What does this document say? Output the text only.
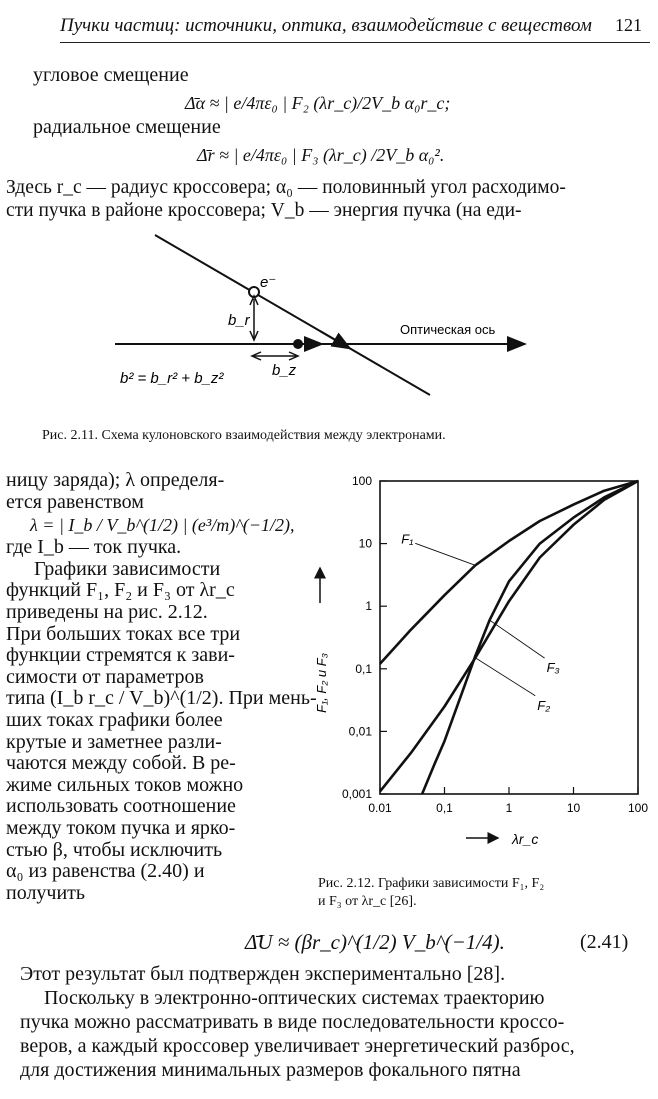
Пучки частиц: источники, оптика, взаимодействие с веществом 121
угловое смещение
Δ̄α ≈ | e/4πε₀ | F₂ (λr_c)/2V_b α₀r_c;
радиальное смещение
Δ̄r ≈ | e/4πε₀ | F₃ (λr_c) /2V_b α₀².
Здесь r_c — радиус кроссовера; α₀ — половинный угол расходимо-
сти пучка в районе кроссовера; V_b — энергия пучка (на еди-
e⁻
b_r
b_z
b² = b_r² + b_z²
Оптическая ось
Рис. 2.11. Схема кулоновского взаимодействия между электронами.
ницу заряда); λ определя-
ется равенством
λ = | I_b / V_b^(1/2) | (e³/m)^(−1/2),
где I_b — ток пучка.
Графики зависимости
функций F₁, F₂ и F₃ от λr_c
приведены на рис. 2.12.
При больших токах все три
функции стремятся к зави-
симости от параметров
типа (I_b r_c / V_b)^(1/2). При мень-
ших токах графики более
крутые и заметнее разли-
чаются между собой. В ре-
жиме сильных токов можно
использовать соотношение
между током пучка и ярко-
стью β, чтобы исключить
α₀ из равенства (2.40) и
получить
0.01	0,1	1	10	100
100
10
1
0,1
0,01
0,001
F₁
F₂
F₃
F₁, F₂ и F₃
λr_c
Рис. 2.12. Графики зависимости F₁, F₂
и F₃ от λr_c [26].
Δ̄U ≈ (βr_c)^(1/2) V_b^(−1/4).	(2.41)
Этот результат был подтвержден экспериментально [28].
Поскольку в электронно-оптических системах траекторию
пучка можно рассматривать в виде последовательности кроссо-
веров, а каждый кроссовер увеличивает энергетический разброс,
для достижения минимальных размеров фокального пятна
